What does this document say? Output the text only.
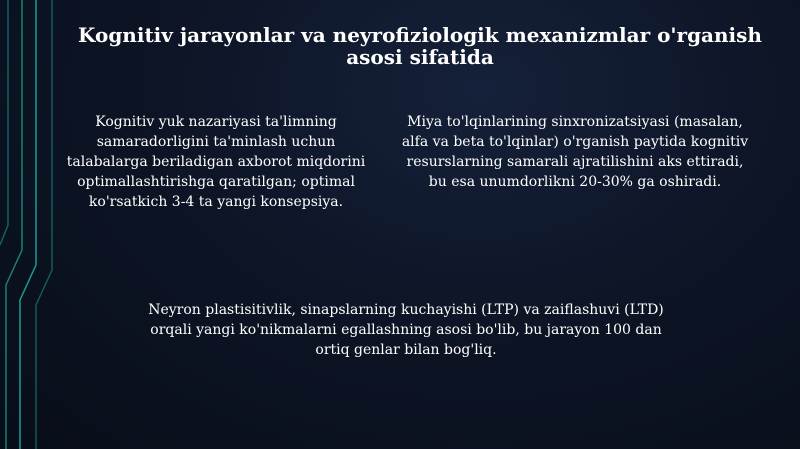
Kognitiv jarayonlar va neyrofiziologik mexanizmlar o'rganish asosi sifatida

Kognitiv yuk nazariyasi ta'limning samaradorligini ta'minlash uchun talabalarga beriladigan axborot miqdorini optimallashtirishga qaratilgan; optimal ko'rsatkich 3-4 ta yangi konsepsiya.

Miya to'lqinlarining sinxronizatsiyasi (masalan, alfa va beta to'lqinlar) o'rganish paytida kognitiv resurslarning samarali ajratilishini aks ettiradi, bu esa unumdorlikni 20-30% ga oshiradi.

Neyron plastisitivlik, sinapslarning kuchayishi (LTP) va zaiflashuvi (LTD) orqali yangi ko'nikmalarni egallashning asosi bo'lib, bu jarayon 100 dan ortiq genlar bilan bog'liq.
